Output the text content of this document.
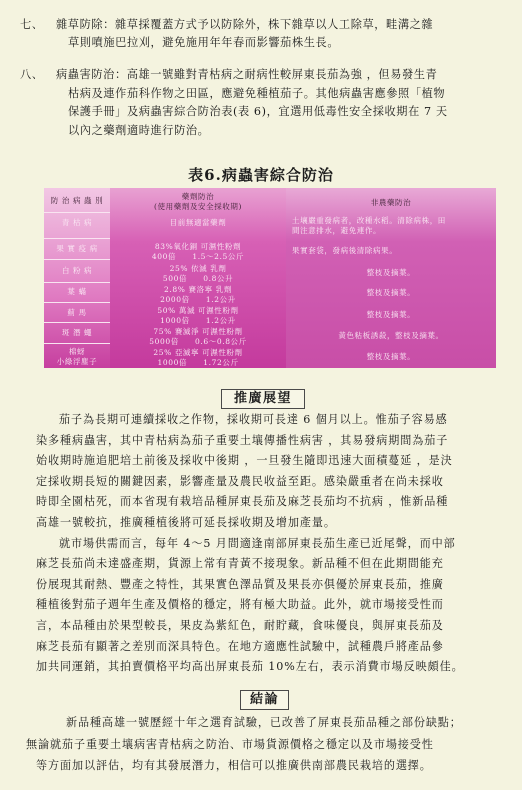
七、 雜草防除：雜草採覆蓋方式予以防除外，株下雜草以人工除草，畦溝之雜
草則噴施巴拉刈，避免施用年年春而影響茄株生長。
八、 病蟲害防治：高雄一號雖對青枯病之耐病性較屏東長茄為強 ，但易發生青
枯病及連作茄科作物之田區，應避免種植茄子。其他病蟲害應參照「植物
保護手冊」及病蟲害綜合防治表(表 6)，宜選用低毒性安全採收期在 7 天
以內之藥劑適時進行防治。
表6.病蟲害綜合防治
防 治 病 蟲 別
青 枯 病
果 實 疫 病
白 粉 病
葉 蟎
薊 馬
斑 潛 蠅
棉蚜
小綠浮塵子
藥劑防治
(使用藥劑及安全採收期)
目前無適當藥劑
83%氧化銅 可濕性粉劑
400倍　　1.5～2.5公斤
25% 依滅 乳劑
500倍　　0.8公升
2.8% 賽洛寧 乳劑
2000倍　　1.2公升
50% 萬滅 可濕性粉劑
1000倍　　1.2公升
75% 賽滅淨 可濕性粉劑
5000倍　　0.6～0.8公斤
25% 亞滅寧 可濕性粉劑
1000倍　　1.72公斤
非農藥防治
土壤嚴重發病者，改種水稻。清除病株，田
間注意排水，避免連作。
果實套袋，發病後清除病果。
整枝及摘葉。
整枝及摘葉。
整枝及摘葉。
黃色粘板誘殺，整枝及摘葉。
整枝及摘葉。
推廣展望

茄子為長期可連續採收之作物，採收期可長達 6 個月以上。惟茄子容易感

染多種病蟲害，其中青枯病為茄子重要土壤傳播性病害 ，其易發病期間為茄子

始收期時施追肥培土前後及採收中後期 ，一旦發生隨即迅速大面積蔓延 ，是決

定採收期長短的關鍵因素，影響產量及農民收益至距。感染嚴重者在尚未採收

時即全園枯死，而本省現有栽培品種屏東長茄及麻芝長茄均不抗病 ，惟新品種

高雄一號較抗，推廣種植後將可延長採收期及增加產量。

就市場供需而言，每年 4～5 月間適逢南部屏東長茄生產已近尾聲，而中部

麻芝長茄尚未達盛產期，貨源上常有青黃不接現象。新品種不但在此期間能充

份展現其耐熱、豐產之特性，其果實色澤品質及果長亦俱優於屏東長茄，推廣

種植後對茄子週年生產及價格的穩定，將有極大助益。此外，就市場接受性而

言，本品種由於果型較長，果皮為紫紅色，耐貯藏，食味優良，與屏東長茄及

麻芝長茄有顯著之差別而深具特色。在地方適應性試驗中，試種農戶將產品參

加共同運銷，其拍賣價格平均高出屏東長茄 10%左右，表示消費市場反映頗佳。

結論

新品種高雄一號歷經十年之選育試驗，已改善了屏東長茄品種之部份缺點；

無論就茄子重要土壤病害青枯病之防治、市場貨源價格之穩定以及市場接受性

等方面加以評估，均有其發展潛力，相信可以推廣供南部農民栽培的選擇。
